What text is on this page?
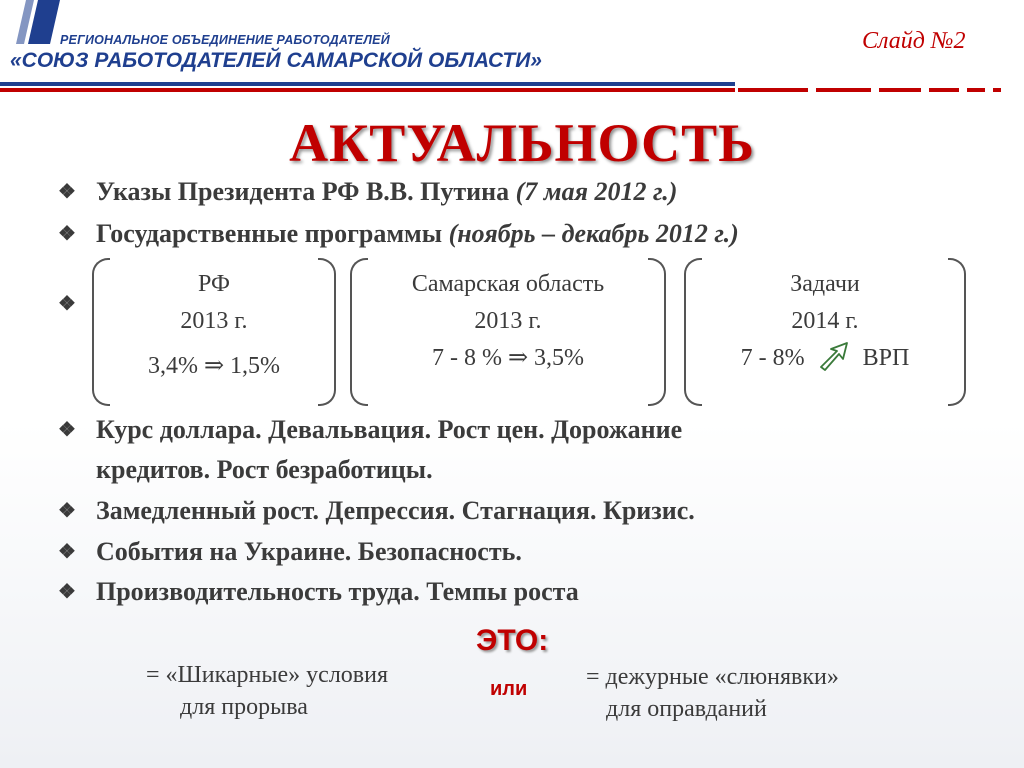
РЕГИОНАЛЬНОЕ ОБЪЕДИНЕНИЕ РАБОТОДАТЕЛЕЙ
«СОЮЗ РАБОТОДАТЕЛЕЙ САМАРСКОЙ ОБЛАСТИ»
Слайд №2
АКТУАЛЬНОСТЬ
❖ Указы Президента РФ В.В. Путина (7 мая 2012 г.)
❖ Государственные программы (ноябрь – декабрь 2012 г.)
❖
РФ
2013 г.
3,4% ⇒ 1,5%
Самарская область
2013 г.
7 - 8 % ⇒ 3,5%
Задачи
2014 г.
7 - 8% ВРП
❖ Курс доллара. Девальвация. Рост цен. Дорожание
кредитов. Рост безработицы.
❖ Замедленный рост. Депрессия. Стагнация. Кризис.
❖ События на Украине. Безопасность.
❖ Производительность труда. Темпы роста
ЭТО:
или
= «Шикарные» условия
для прорыва
= дежурные «слюнявки»
для оправданий
